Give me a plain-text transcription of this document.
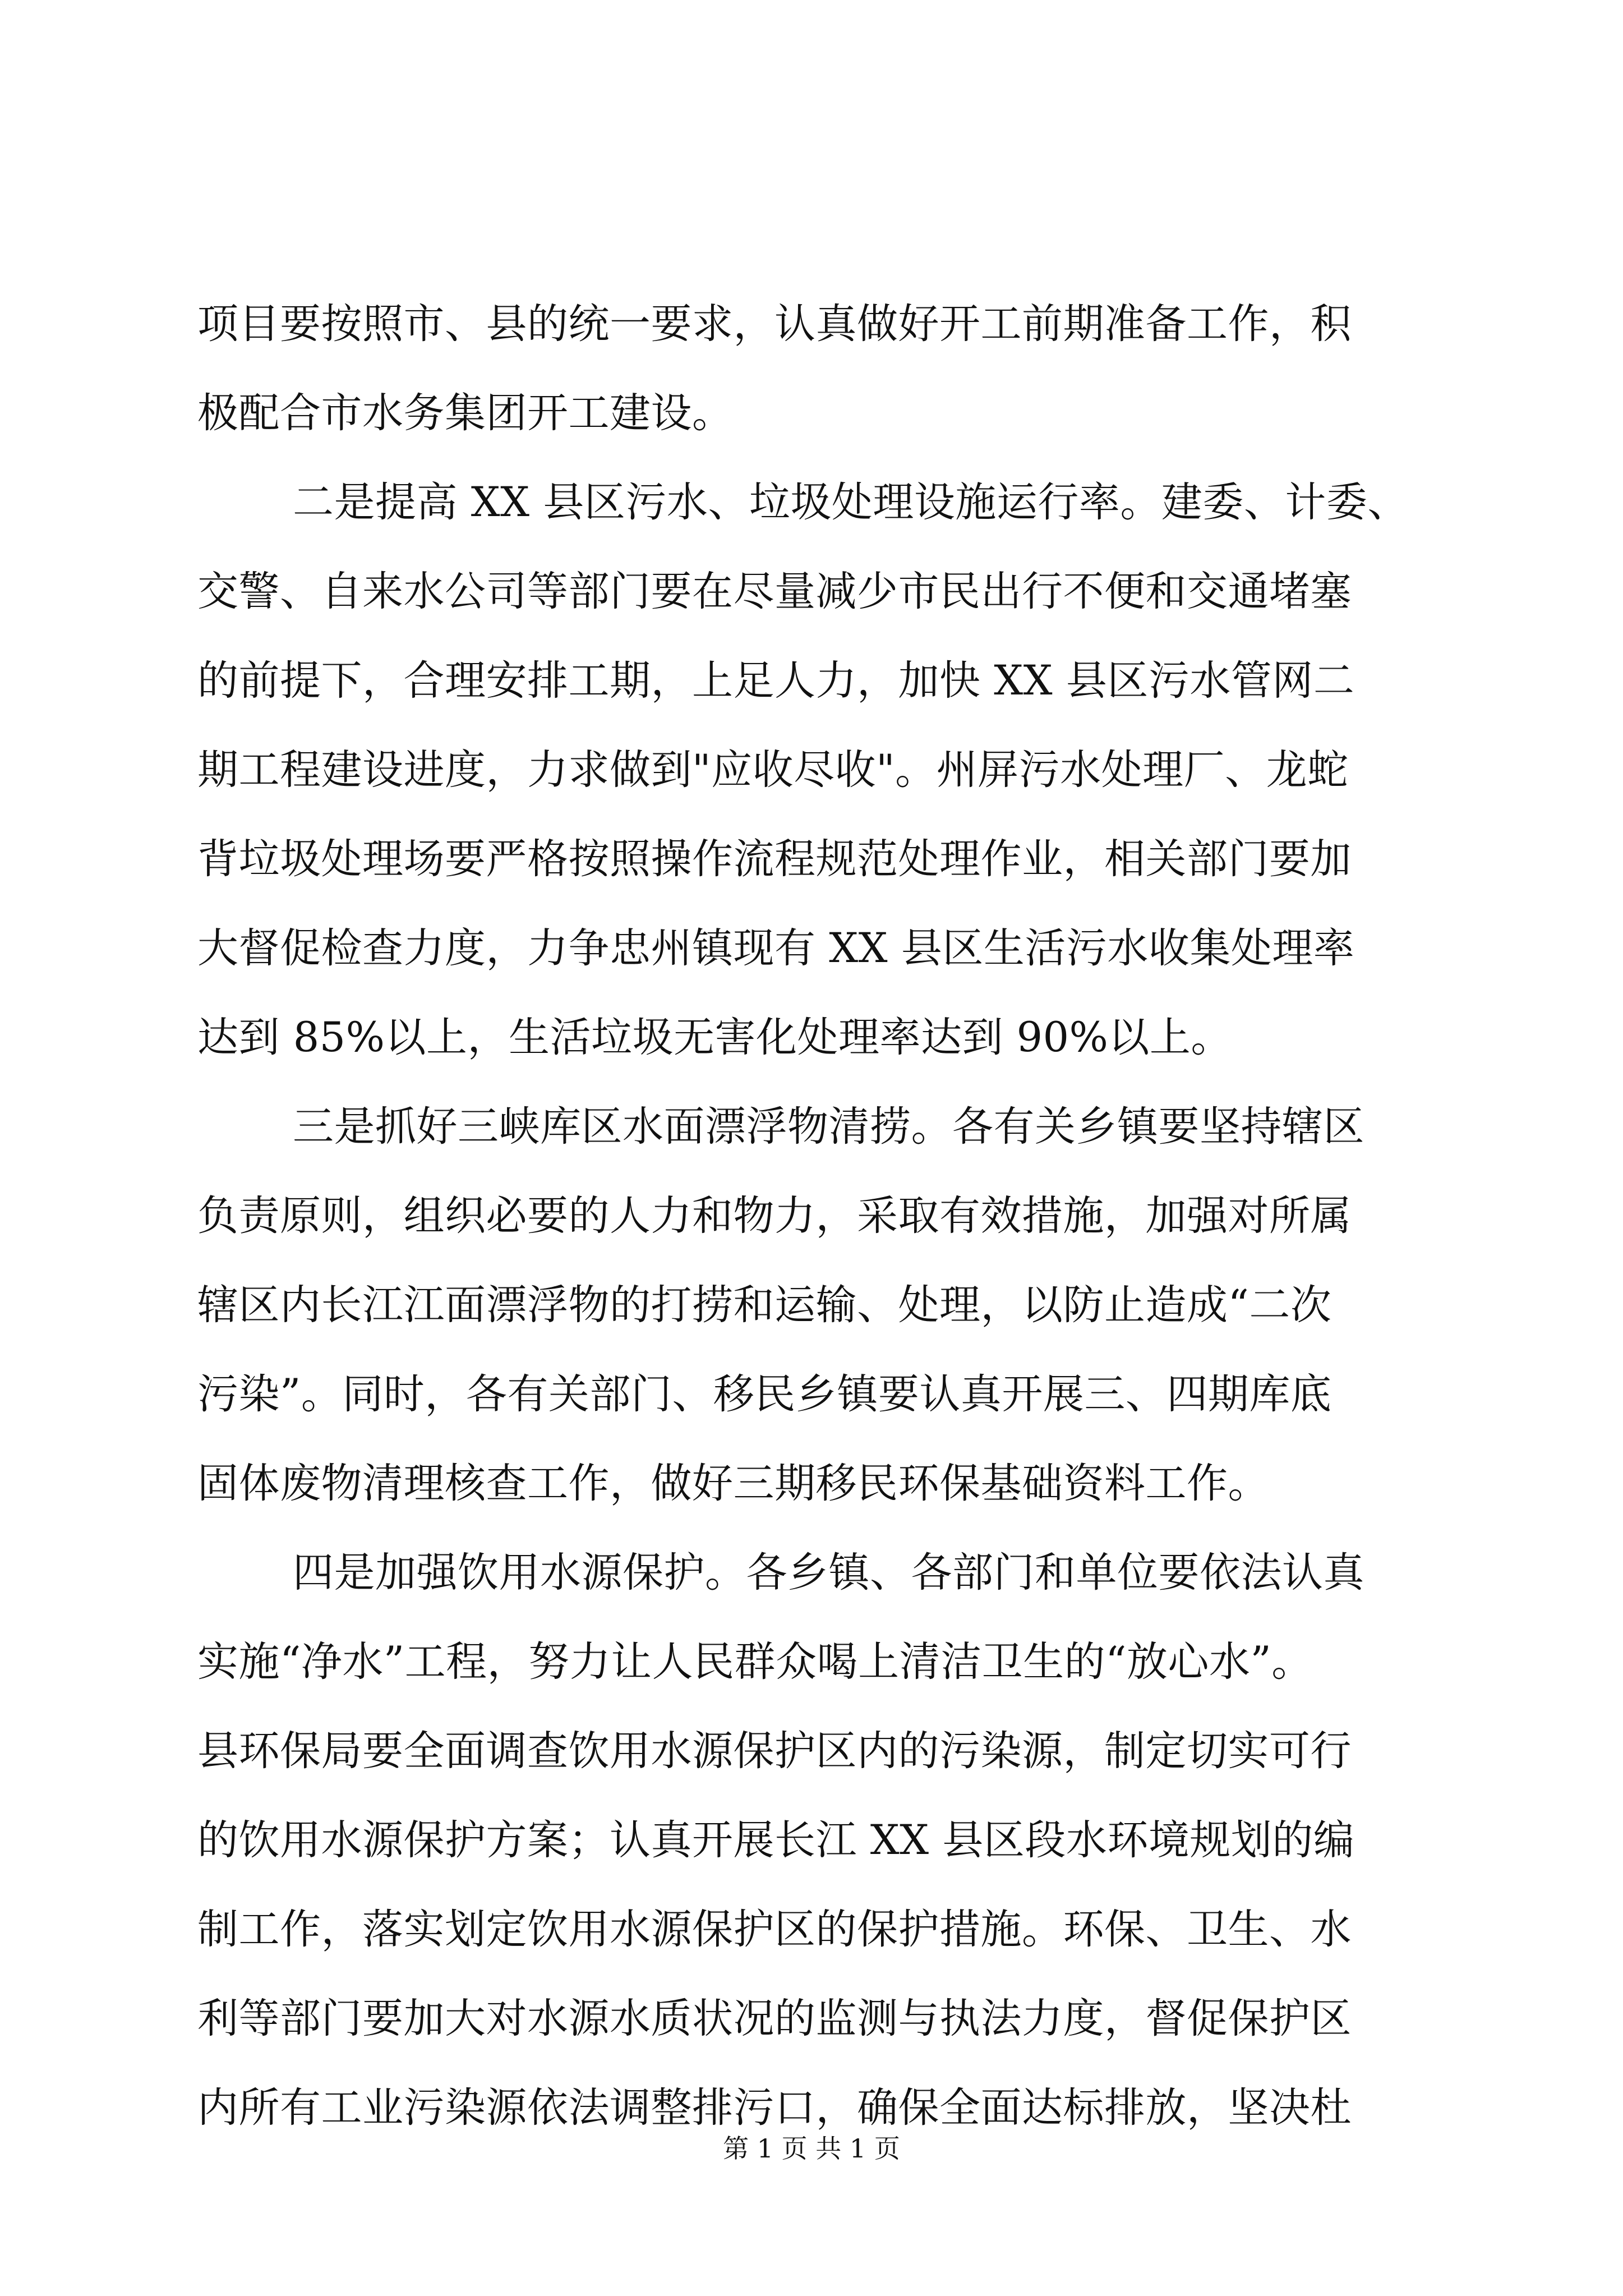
项目要按照市、县的统一要求，认真做好开工前期准备工作，积
极配合市水务集团开工建设。
二是提高 XX 县区污水、垃圾处理设施运行率。建委、计委、
交警、自来水公司等部门要在尽量减少市民出行不便和交通堵塞
的前提下，合理安排工期，上足人力，加快 XX 县区污水管网二
期工程建设进度，力求做到"应收尽收"。州屏污水处理厂、龙蛇
背垃圾处理场要严格按照操作流程规范处理作业，相关部门要加
大督促检查力度，力争忠州镇现有 XX 县区生活污水收集处理率
达到 85%以上，生活垃圾无害化处理率达到 90%以上。
三是抓好三峡库区水面漂浮物清捞。各有关乡镇要坚持辖区
负责原则，组织必要的人力和物力，采取有效措施，加强对所属
辖区内长江江面漂浮物的打捞和运输、处理，以防止造成“二次
污染”。同时，各有关部门、移民乡镇要认真开展三、四期库底
固体废物清理核查工作，做好三期移民环保基础资料工作。
四是加强饮用水源保护。各乡镇、各部门和单位要依法认真
实施“净水”工程，努力让人民群众喝上清洁卫生的“放心水”。
县环保局要全面调查饮用水源保护区内的污染源，制定切实可行
的饮用水源保护方案；认真开展长江 XX 县区段水环境规划的编
制工作，落实划定饮用水源保护区的保护措施。环保、卫生、水
利等部门要加大对水源水质状况的监测与执法力度，督促保护区
内所有工业污染源依法调整排污口，确保全面达标排放，坚决杜
第 1 页 共 1 页
